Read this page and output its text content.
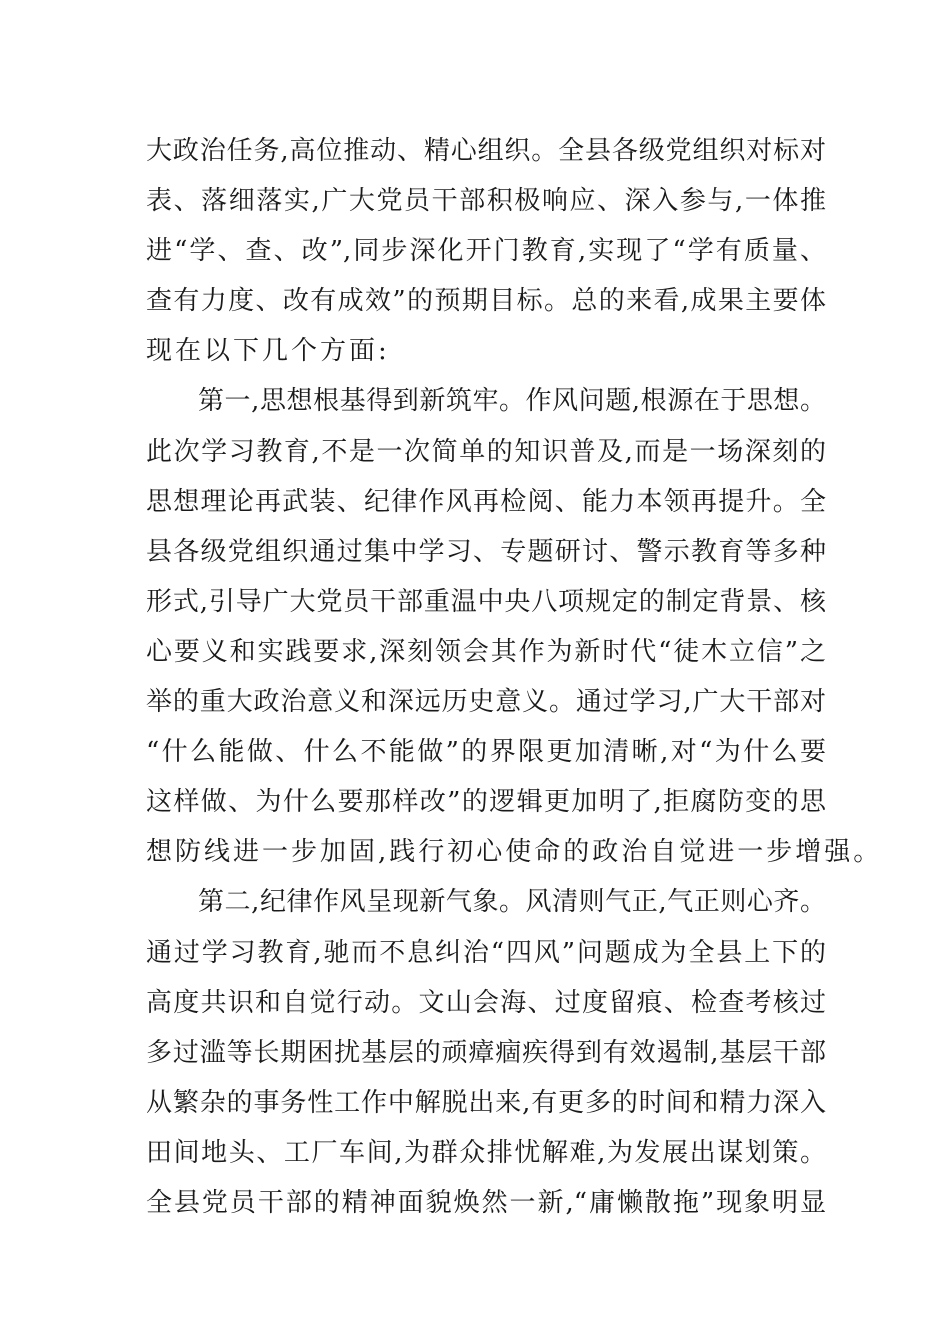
大政治任务,高位推动、精心组织。全县各级党组织对标对
表、落细落实,广大党员干部积极响应、深入参与,一体推
进“学、查、改”,同步深化开门教育,实现了“学有质量、
查有力度、改有成效”的预期目标。总的来看,成果主要体
现在以下几个方面:
第一,思想根基得到新筑牢。作风问题,根源在于思想。
此次学习教育,不是一次简单的知识普及,而是一场深刻的
思想理论再武装、纪律作风再检阅、能力本领再提升。全
县各级党组织通过集中学习、专题研讨、警示教育等多种
形式,引导广大党员干部重温中央八项规定的制定背景、核
心要义和实践要求,深刻领会其作为新时代“徒木立信”之
举的重大政治意义和深远历史意义。通过学习,广大干部对
“什么能做、什么不能做”的界限更加清晰,对“为什么要
这样做、为什么要那样改”的逻辑更加明了,拒腐防变的思
想防线进一步加固,践行初心使命的政治自觉进一步增强。
第二,纪律作风呈现新气象。风清则气正,气正则心齐。
通过学习教育,驰而不息纠治“四风”问题成为全县上下的
高度共识和自觉行动。文山会海、过度留痕、检查考核过
多过滥等长期困扰基层的顽瘴痼疾得到有效遏制,基层干部
从繁杂的事务性工作中解脱出来,有更多的时间和精力深入
田间地头、工厂车间,为群众排忧解难,为发展出谋划策。
全县党员干部的精神面貌焕然一新,“庸懒散拖”现象明显
